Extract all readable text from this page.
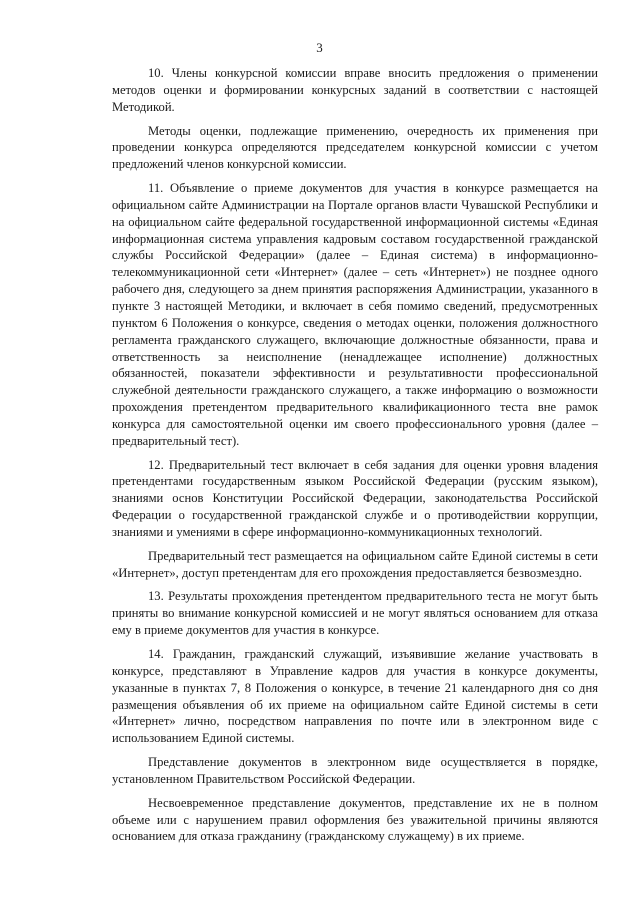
3

10. Члены конкурсной комиссии вправе вносить предложения о применении методов оценки и формировании конкурсных заданий в соответствии с настоящей Методикой.

Методы оценки, подлежащие применению, очередность их применения при проведении конкурса определяются председателем конкурсной комиссии с учетом предложений членов конкурсной комиссии.

11. Объявление о приеме документов для участия в конкурсе размещается на официальном сайте Администрации на Портале органов власти Чувашской Республики и на официальном сайте федеральной государственной информационной системы «Единая информационная система управления кадровым составом государственной гражданской службы Российской Федерации» (далее – Единая система) в информационно-телекоммуникационной сети «Интернет» (далее – сеть «Интернет») не позднее одного рабочего дня, следующего за днем принятия распоряжения Администрации, указанного в пункте 3 настоящей Методики, и включает в себя помимо сведений, предусмотренных пунктом 6 Положения о конкурсе, сведения о методах оценки, положения должностного регламента гражданского служащего, включающие должностные обязанности, права и ответственность за неисполнение (ненадлежащее исполнение) должностных обязанностей, показатели эффективности и результативности профессиональной служебной деятельности гражданского служащего, а также информацию о возможности прохождения претендентом предварительного квалификационного теста вне рамок конкурса для самостоятельной оценки им своего профессионального уровня (далее – предварительный тест).

12. Предварительный тест включает в себя задания для оценки уровня владения претендентами государственным языком Российской Федерации (русским языком), знаниями основ Конституции Российской Федерации, законодательства Российской Федерации о государственной гражданской службе и о противодействии коррупции, знаниями и умениями в сфере информационно-коммуникационных технологий.

Предварительный тест размещается на официальном сайте Единой системы в сети «Интернет», доступ претендентам для его прохождения предоставляется безвозмездно.

13. Результаты прохождения претендентом предварительного теста не могут быть приняты во внимание конкурсной комиссией и не могут являться основанием для отказа ему в приеме документов для участия в конкурсе.

14. Гражданин, гражданский служащий, изъявившие желание участвовать в конкурсе, представляют в Управление кадров для участия в конкурсе документы, указанные в пунктах 7, 8 Положения о конкурсе, в течение 21 календарного дня со дня размещения объявления об их приеме на официальном сайте Единой системы в сети «Интернет» лично, посредством направления по почте или в электронном виде с использованием Единой системы.

Представление документов в электронном виде осуществляется в порядке, установленном Правительством Российской Федерации.

Несвоевременное представление документов, представление их не в полном объеме или с нарушением правил оформления без уважительной причины являются основанием для отказа гражданину (гражданскому служащему) в их приеме.
